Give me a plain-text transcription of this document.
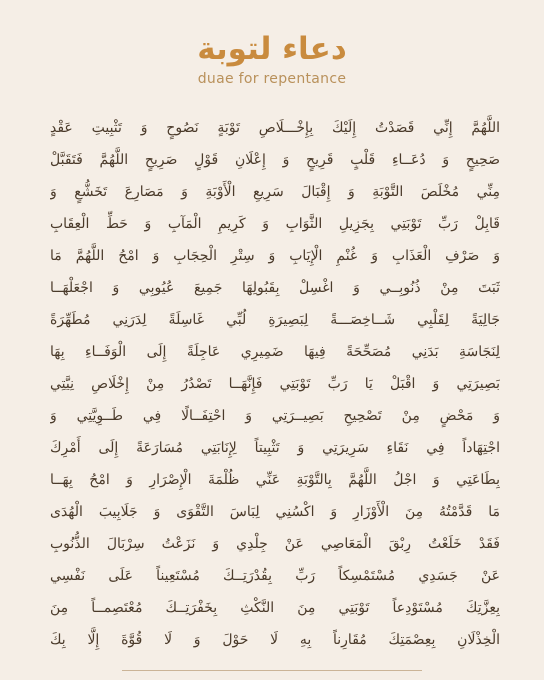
دعاء لتوبة
duae for repentance
اللَّهُمَّ إِنِّي قَصَدْتُ إِلَيْكَ بِإِخْـــلَاصِ تَوْبَةٍ نَصُوحٍ وَ تَثْبِيتِ عَقْدٍ
صَحِيحٍ وَ دُعَــاءِ قَلْبٍ قَرِيحٍ وَ إِعْلَانِ قَوْلٍ صَرِيحٍ اللَّهُمَّ فَتَقَبَّلْ
مِنِّي مُخْلَصَ التَّوْبَةِ وَ إِقْبَالَ سَرِيعِ الْأَوْبَةِ وَ مَصَارِعَ تَخَشُّعٍ وَ
قَابِلْ رَبِّ تَوْبَتِي بِجَزِيلِ الثَّوَابِ وَ كَرِيمِ الْمَآبِ وَ حَطِّ الْعِقَابِ
وَ صَرْفِ الْعَذَابِ وَ غُنْمِ الْإِيَابِ وَ سِتْرِ الْحِجَابِ وَ امْحُ اللَّهُمَّ مَا
ثَبَتَ مِنْ ذُنُوبِــي وَ اغْسِلْ بِقَبُولِهَا جَمِيعَ عُيُوبِي وَ اجْعَلْهَــا
جَالِيَةً لِقَلْبِي شَــاخِصَـــةً لِبَصِيرَةِ لُبِّي غَاسِلَةً لِدَرَنِي مُطَهِّرَةً
لِنَجَاسَةِ بَدَنِي مُصَحِّحَةً فِيهَا ضَمِيرِي عَاجِلَةً إِلَى الْوَفَــاءِ بِهَا
بَصِيرَتِي وَ اقْبَلْ يَا رَبِّ تَوْبَتِي فَإِنَّهَــا تَصْدُرُ مِنْ إِخْلَاصِ نِيَّتِي
وَ مَحْضٍ مِنْ تَصْحِيحِ بَصِيــرَتِي وَ احْتِفَــالًا فِي طَــوِيَّتِي وَ
اجْتِهَاداً فِي نَقَاءِ سَرِيرَتِي وَ تَثْبِيتاً لِإِنَابَتِي مُسَارَعَةً إِلَى أَمْرِكَ
بِطَاعَتِي وَ اجْلُ اللَّهُمَّ بِالتَّوْبَةِ عَنِّي ظُلْمَةَ الْإِصْرَارِ وَ امْحُ بِهَــا
مَا قَدَّمْتُهُ مِنَ الْأَوْزَارِ وَ اكْسُنِي لِبَاسَ التَّقْوَى وَ جَلَابِيبَ الْهُدَى
فَقَدْ خَلَعْتُ رِبْقَ الْمَعَاصِي عَنْ جِلْدِي وَ نَزَعْتُ سِرْبَالَ الذُّنُوبِ
عَنْ جَسَدِي مُسْتَمْسِكاً رَبِّ بِقُدْرَتِــكَ مُسْتَعِيناً عَلَى نَفْسِي
بِعِزَّتِكَ مُسْتَوْدِعاً تَوْبَتِي مِنَ النَّكْثِ بِخَفْرَتِــكَ مُعْتَصِمــاً مِنَ
الْخِذْلَانِ بِعِصْمَتِكَ مُقَارِناً بِهِ لَا حَوْلَ وَ لَا قُوَّةَ إِلَّا بِكَ
